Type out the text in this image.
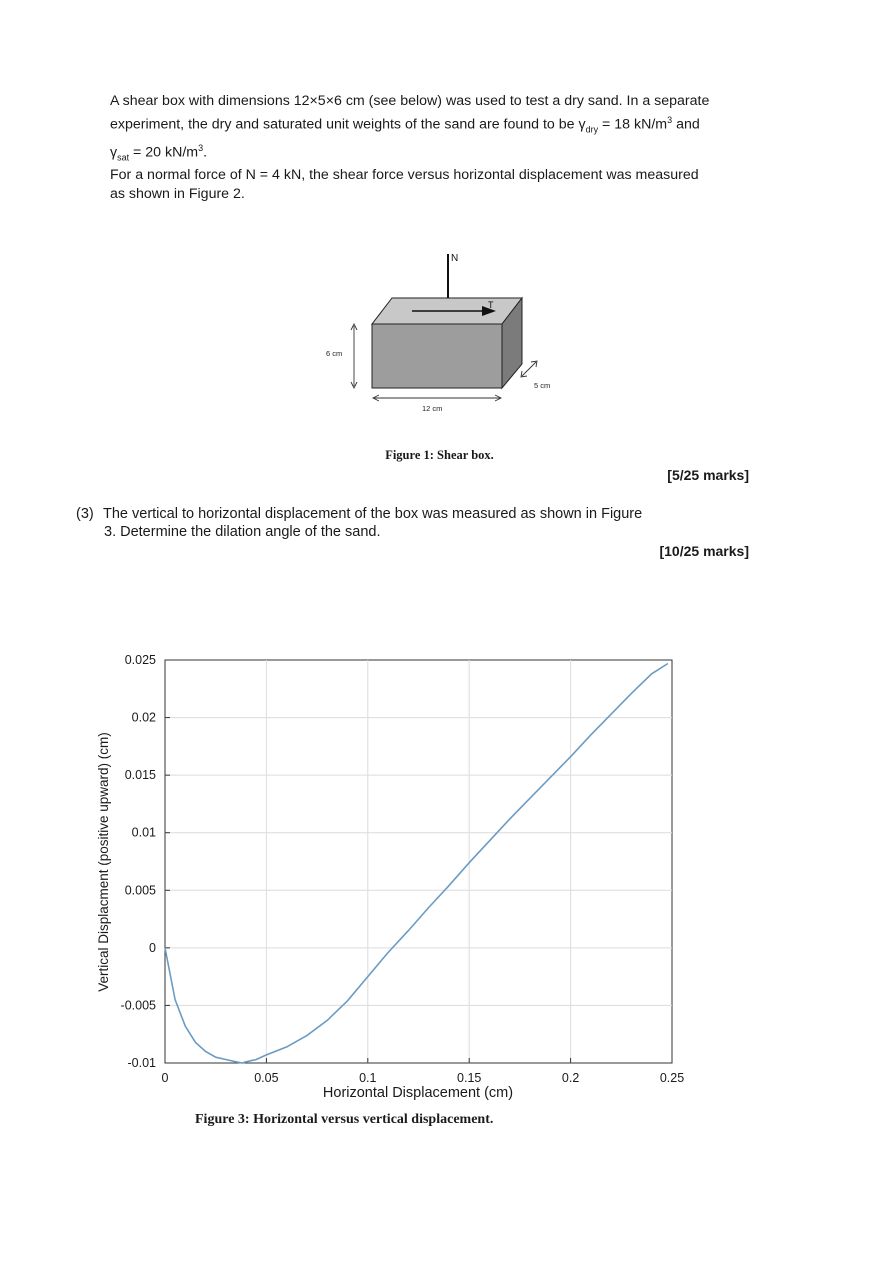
A shear box with dimensions 12×5×6 cm (see below) was used to test a dry sand. In a separate

experiment, the dry and saturated unit weights of the sand are found to be $\gamma_{dry} = 18$ $kN/m^3$ and

$\gamma_{sat} = 20$ $kN/m^3$.

For a normal force of N = 4 kN, the shear force versus horizontal displacement was measured

as shown in Figure 2.

N
T
6 cm
12 cm
5 cm
Figure 1: Shear box.
[5/25 marks]
(3) The vertical to horizontal displacement of the box was measured as shown in Figure
3. Determine the dilation angle of the sand.
[10/25 marks]
0	0.05	0.1	0.15	0.2	0.25
-0.01
-0.005
0
0.005
0.01
0.015
0.02
0.025
Horizontal Displacement (cm)
Vertical Displacment (positive upward) (cm)
Figure 3: Horizontal versus vertical displacement.
